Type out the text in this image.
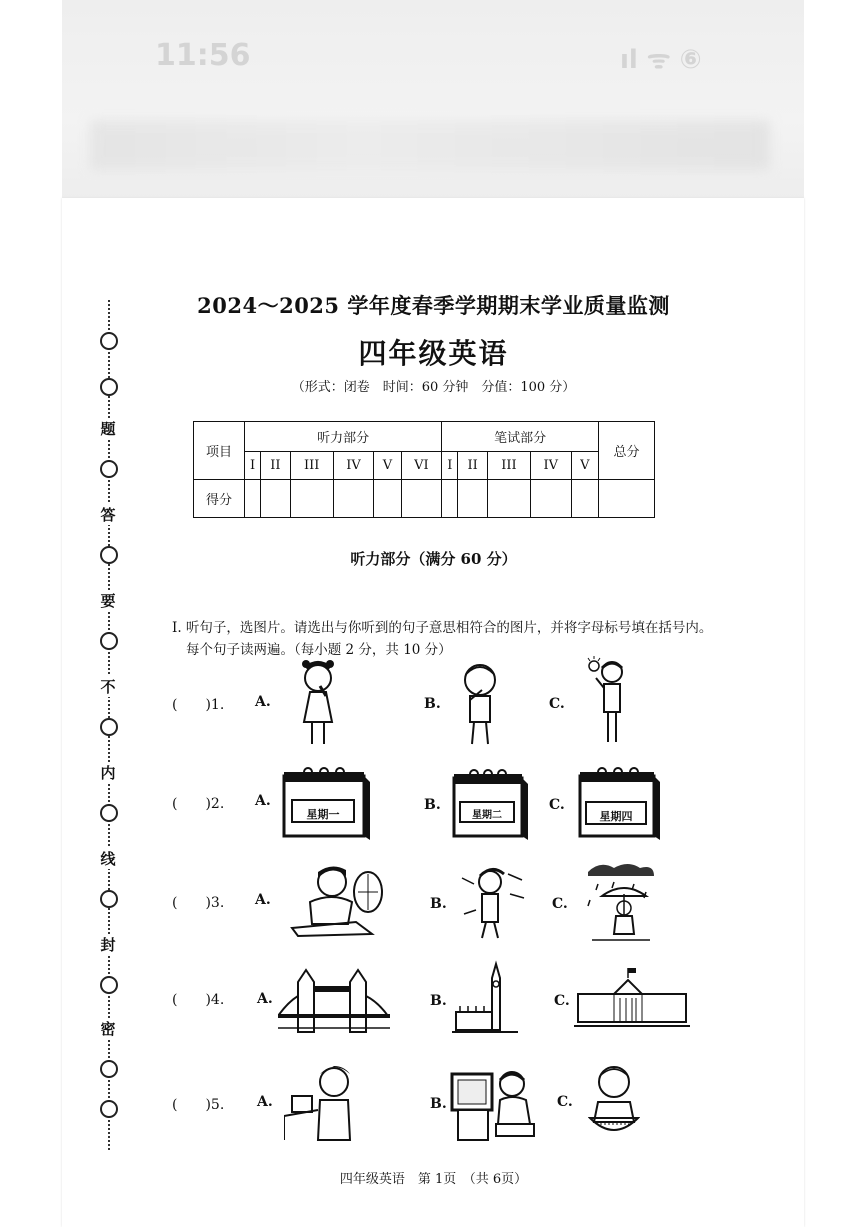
11:56	ıl ᯤ ⑥
题
答
要
不
内
线
封
密
2024～2025 学年度春季学期期末学业质量监测
四年级英语
（形式：闭卷　时间：60 分钟　分值：100 分）
项目	听力部分						笔试部分					总分
	I	II	III	IV	V	VI	I	II	III	IV	V	
得分												
听力部分（满分 60 分）
I. 听句子，选图片。请选出与你听到的句子意思相符合的图片，并将字母标号填在括号内。
每个句子读两遍。（每小题 2 分，共 10 分）
(　　)1. A.	B.	C.
(　　)2. A.	B.	C.
星期一	星期二	星期四
(　　)3. A.	B.	C.
(　　)4. A.	B.	C.
(　　)5. A.	B.	C.
四年级英语　第 1页　（共 6页）
